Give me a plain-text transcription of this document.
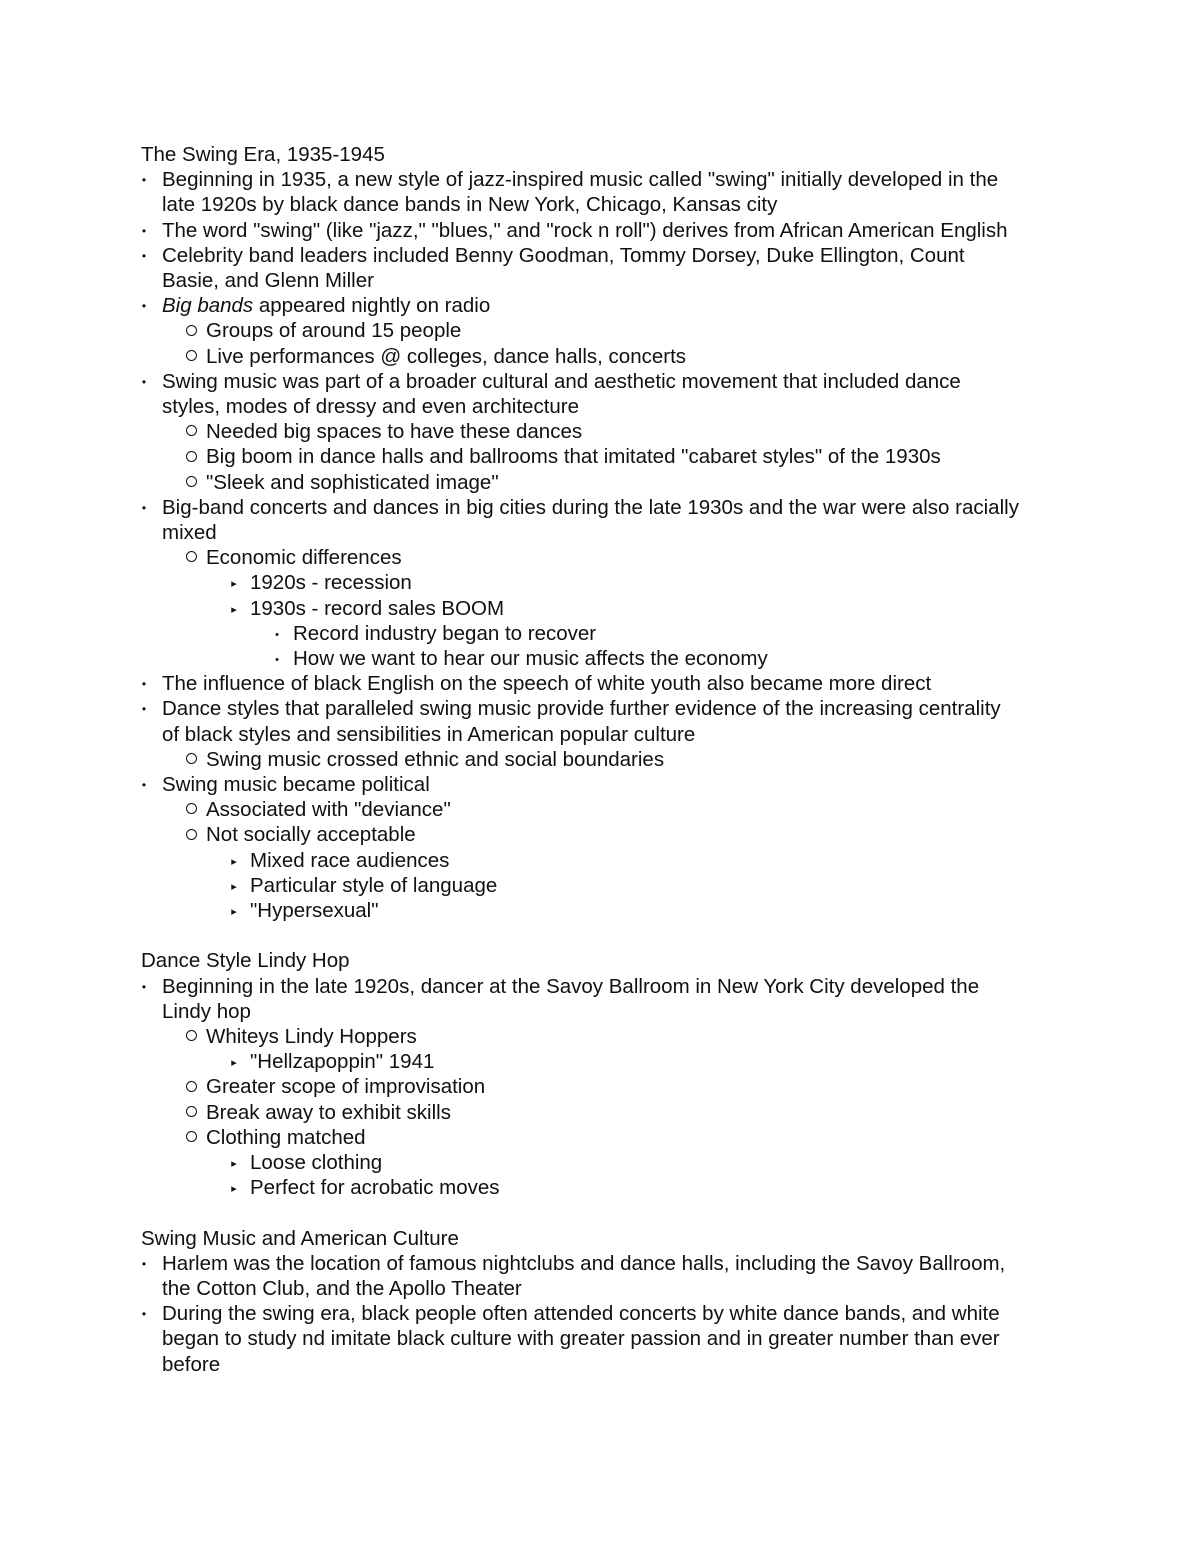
The Swing Era, 1935-1945
•
Beginning in 1935, a new style of jazz-inspired music called "swing" initially developed in the
late 1920s by black dance bands in New York, Chicago, Kansas city
•
The word "swing" (like "jazz," "blues," and "rock n roll") derives from African American English
•
Celebrity band leaders included Benny Goodman, Tommy Dorsey, Duke Ellington, Count
Basie, and Glenn Miller
•
Big bands appeared nightly on radio
Groups of around 15 people
Live performances @ colleges, dance halls, concerts
•
Swing music was part of a broader cultural and aesthetic movement that included dance
styles, modes of dressy and even architecture
Needed big spaces to have these dances
Big boom in dance halls and ballrooms that imitated "cabaret styles" of the 1930s
"Sleek and sophisticated image"
•
Big-band concerts and dances in big cities during the late 1930s and the war were also racially
mixed
Economic differences
▸
1920s - recession
▸
1930s - record sales BOOM
•
Record industry began to recover
•
How we want to hear our music affects the economy
•
The influence of black English on the speech of white youth also became more direct
•
Dance styles that paralleled swing music provide further evidence of the increasing centrality
of black styles and sensibilities in American popular culture
Swing music crossed ethnic and social boundaries
•
Swing music became political
Associated with "deviance"
Not socially acceptable
▸
Mixed race audiences
▸
Particular style of language
▸
"Hypersexual"
Dance Style Lindy Hop
•
Beginning in the late 1920s, dancer at the Savoy Ballroom in New York City developed the
Lindy hop
Whiteys Lindy Hoppers
▸
"Hellzapoppin" 1941
Greater scope of improvisation
Break away to exhibit skills
Clothing matched
▸
Loose clothing
▸
Perfect for acrobatic moves
Swing Music and American Culture
•
Harlem was the location of famous nightclubs and dance halls, including the Savoy Ballroom,
the Cotton Club, and the Apollo Theater
•
During the swing era, black people often attended concerts by white dance bands, and white
began to study nd imitate black culture with greater passion and in greater number than ever
before
